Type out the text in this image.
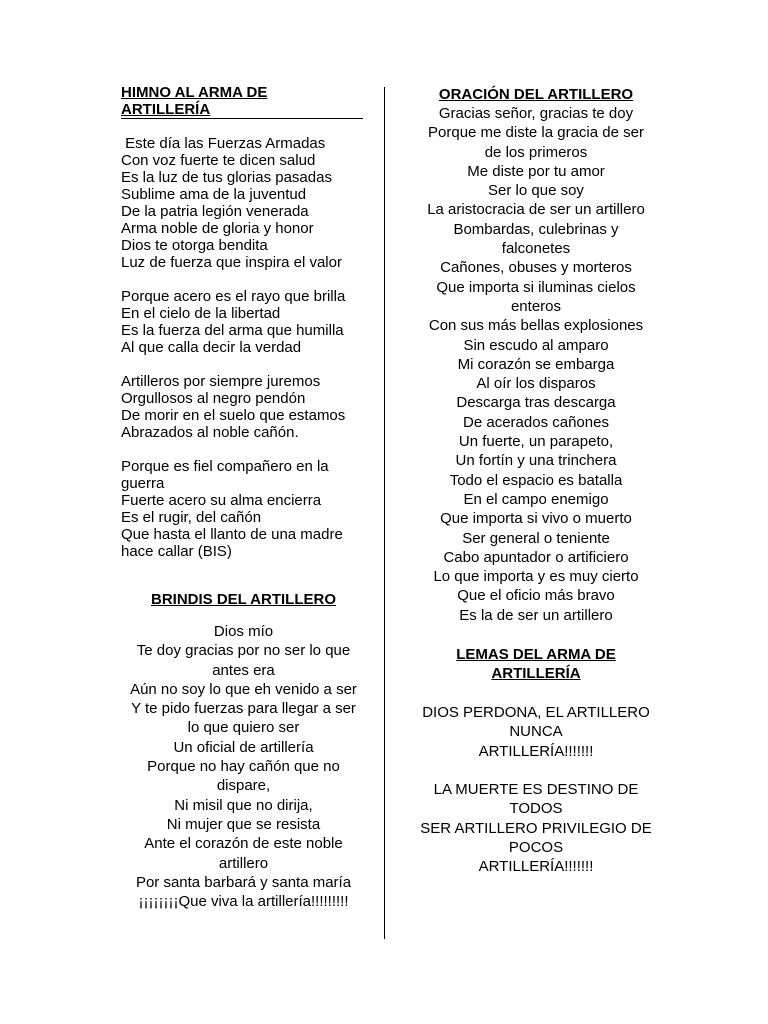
HIMNO AL ARMA DE
ARTILLERÍA
Este día las Fuerzas Armadas
Con voz fuerte te dicen salud
Es la luz de tus glorias pasadas
Sublime ama de la juventud
De la patria legión venerada
Arma noble de gloria y honor
Dios te otorga bendita
Luz de fuerza que inspira el valor
Porque acero es el rayo que brilla
En el cielo de la libertad
Es la fuerza del arma que humilla
Al que calla decir la verdad
Artilleros por siempre juremos
Orgullosos al negro pendón
De morir en el suelo que estamos
Abrazados al noble cañón.
Porque es fiel compañero en la
guerra
Fuerte acero su alma encierra
Es el rugir, del cañón
Que hasta el llanto de una madre
hace callar (BIS)
BRINDIS DEL ARTILLERO
Dios mío
Te doy gracias por no ser lo que
antes era
Aún no soy lo que eh venido a ser
Y te pido fuerzas para llegar a ser
lo que quiero ser
Un oficial de artillería
Porque no hay cañón que no
dispare,
Ni misil que no dirija,
Ni mujer que se resista
Ante el corazón de este noble
artillero
Por santa barbará y santa maría
¡¡¡¡¡¡¡¡Que viva la artillería!!!!!!!!!
ORACIÓN DEL ARTILLERO
Gracias señor, gracias te doy
Porque me diste la gracia de ser
de los primeros
Me diste por tu amor
Ser lo que soy
La aristocracia de ser un artillero
Bombardas, culebrinas y
falconetes
Cañones, obuses y morteros
Que importa si iluminas cielos
enteros
Con sus más bellas explosiones
Sin escudo al amparo
Mi corazón se embarga
Al oír los disparos
Descarga tras descarga
De acerados cañones
Un fuerte, un parapeto,
Un fortín y una trinchera
Todo el espacio es batalla
En el campo enemigo
Que importa si vivo o muerto
Ser general o teniente
Cabo apuntador o artificiero
Lo que importa y es muy cierto
Que el oficio más bravo
Es la de ser un artillero
LEMAS DEL ARMA DE
ARTILLERÍA
DIOS PERDONA, EL ARTILLERO
NUNCA
ARTILLERÍA!!!!!!!
LA MUERTE ES DESTINO DE
TODOS
SER ARTILLERO PRIVILEGIO DE
POCOS
ARTILLERÍA!!!!!!!
